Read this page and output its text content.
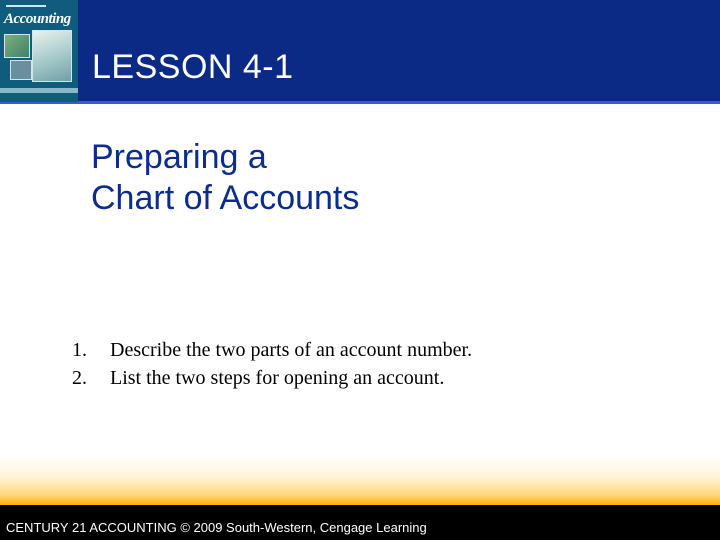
Accounting
LESSON 4-1
Preparing a
Chart of Accounts
1.	Describe the two parts of an account number.
2.	List the two steps for opening an account.
CENTURY 21 ACCOUNTING © 2009 South-Western, Cengage Learning
